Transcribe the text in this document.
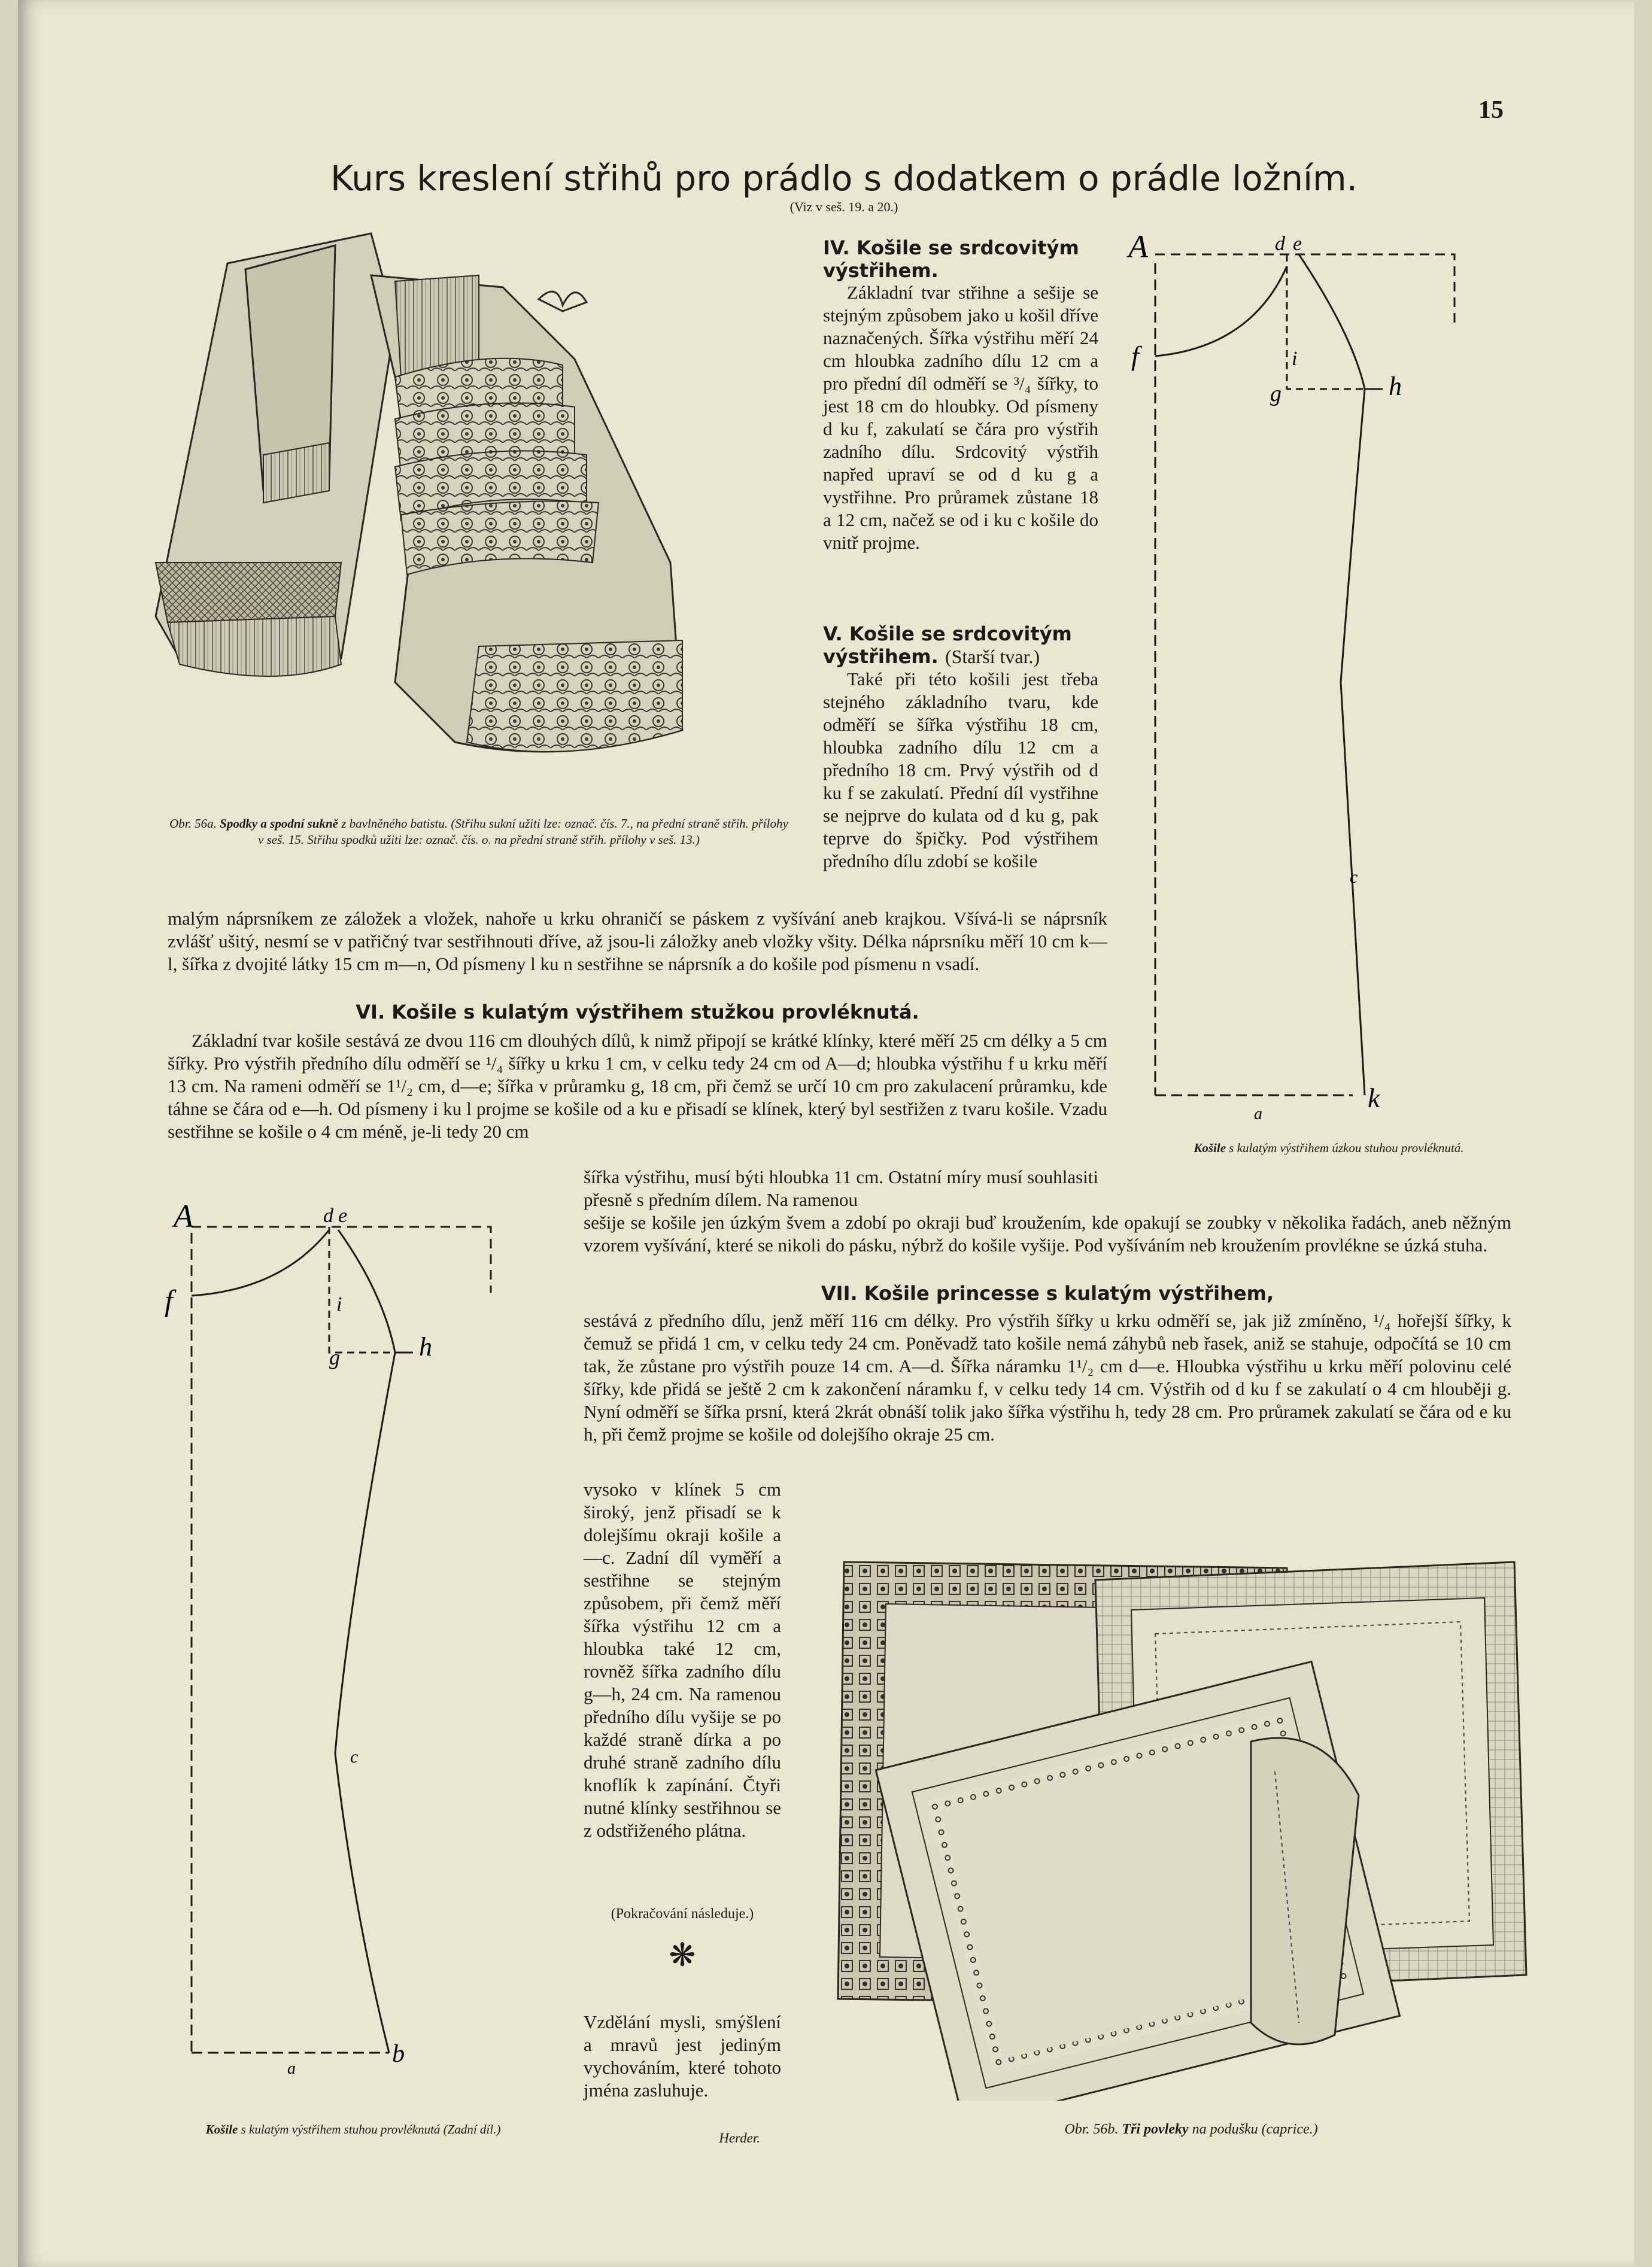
15
Kurs kreslení střihů pro prádlo s dodatkem o prádle ložním.
(Viz v seš. 19. a 20.)
Obr. 56a. Spodky a spodní sukně z bavlněného batistu. (Střihu sukní užiti lze: označ. čís. 7., na přední straně střih. přílohy v seš. 15. Střihu spodků užiti lze: označ. čís. o. na přední straně střih. přílohy v seš. 13.)
IV. Košile se srdcovitým výstřihem.

Základní tvar střihne a sešije se stejným způsobem jako u košil dříve naznačených. Šířka výstřihu měří 24 cm hloubka zadního dílu 12 cm a pro přední díl odměří se ³/₄ šířky, to jest 18 cm do hloubky. Od písmeny d ku f, zakulatí se čára pro výstřih zadního dílu. Srdcovitý výstřih napřed upraví se od d ku g a vystřihne. Pro průramek zůstane 18 a 12 cm, načež se od i ku c košile do vnitř projme.

V. Košile se srdcovitým výstřihem. (Starší tvar.)

Také při této košili jest třeba stejného základního tvaru, kde odměří se šířka výstřihu 18 cm, hloubka zadního dílu 12 cm a předního 18 cm. Prvý výstřih od d ku f se zakulatí. Přední díl vystřihne se nejprve do kulata od d ku g, pak teprve do špičky. Pod výstřihem předního dílu zdobí se košile

malým náprsníkem ze záložek a vložek, nahoře u krku ohraničí se páskem z vyšívání aneb krajkou. Všívá-li se náprsník zvlášť ušitý, nesmí se v patřičný tvar sestřihnouti dříve, až jsou-li záložky aneb vložky všity. Délka náprsníku měří 10 cm k—l, šířka z dvojité látky 15 cm m—n, Od písmeny l ku n sestřihne se náprsník a do košile pod písmenu n vsadí.

VI. Košile s kulatým výstřihem stužkou provléknutá.

Základní tvar košile sestává ze dvou 116 cm dlouhých dílů, k nimž připojí se krátké klínky, které měří 25 cm délky a 5 cm šířky. Pro výstřih předního dílu odměří se ¹/₄ šířky u krku 1 cm, v celku tedy 24 cm od A—d; hloubka výstřihu f u krku měří 13 cm. Na rameni odměří se 1¹/₂ cm, d—e; šířka v průramku g, 18 cm, při čemž se určí 10 cm pro zakulacení průramku, kde táhne se čára od e—h. Od písmeny i ku l projme se košile od a ku e přisadí se klínek, který byl sestřižen z tvaru košile. Vzadu sestřihne se košile o 4 cm méně, je-li tedy 20 cm

šířka výstřihu, musí býti hloubka 11 cm. Ostatní míry musí souhlasiti přesně s předním dílem. Na ramenou

sešije se košile jen úzkým švem a zdobí po okraji buď kroužením, kde opakují se zoubky v několika řadách, aneb něžným vzorem vyšívání, které se nikoli do pásku, nýbrž do košile vyšije. Pod vyšíváním neb kroužením provlékne se úzká stuha.

VII. Košile princesse s kulatým výstřihem,

sestává z předního dílu, jenž měří 116 cm délky. Pro výstřih šířky u krku odměří se, jak již zmíněno, ¹/₄ hořejší šířky, k čemuž se přidá 1 cm, v celku tedy 24 cm. Poněvadž tato košile nemá záhybů neb řasek, aniž se stahuje, odpočítá se 10 cm tak, že zůstane pro výstřih pouze 14 cm. A—d. Šířka náramku 1¹/₂ cm d—e. Hloubka výstřihu u krku měří polovinu celé šířky, kde přidá se ještě 2 cm k zakončení náramku f, v celku tedy 14 cm. Výstřih od d ku f se zakulatí o 4 cm hlouběji g. Nyní odměří se šířka prsní, která 2krát obnáší tolik jako šířka výstřihu h, tedy 28 cm. Pro průramek zakulatí se čára od e ku h, při čemž projme se košile od dolejšího okraje 25 cm.

vysoko v klínek 5 cm široký, jenž přisadí se k dolejšímu okraji košile a—c. Zadní díl vyměří a sestřihne se stejným způsobem, při čemž měří šířka výstřihu 12 cm a hloubka také 12 cm, rovněž šířka zadního dílu g—h, 24 cm. Na ramenou předního dílu vyšije se po každé straně dírka a po druhé straně zadního dílu knoflík k zapínání. Čtyři nutné klínky sestřihnou se z odstřiženého plátna.

(Pokračování následuje.)
❋

Vzdělání mysli, smýšlení a mravů jest jediným vychováním, které tohoto jména zasluhuje.

Herder.
A	d e
f	i
g	h
c
a
k
Košile s kulatým výstřihem úzkou stuhou provléknutá.
A	d e
f	i
g	h
c
a
b
Košile s kulatým výstřihem stuhou provléknutá (Zadní díl.)	Obr. 56b. Tři povleky na podušku (caprice.)
